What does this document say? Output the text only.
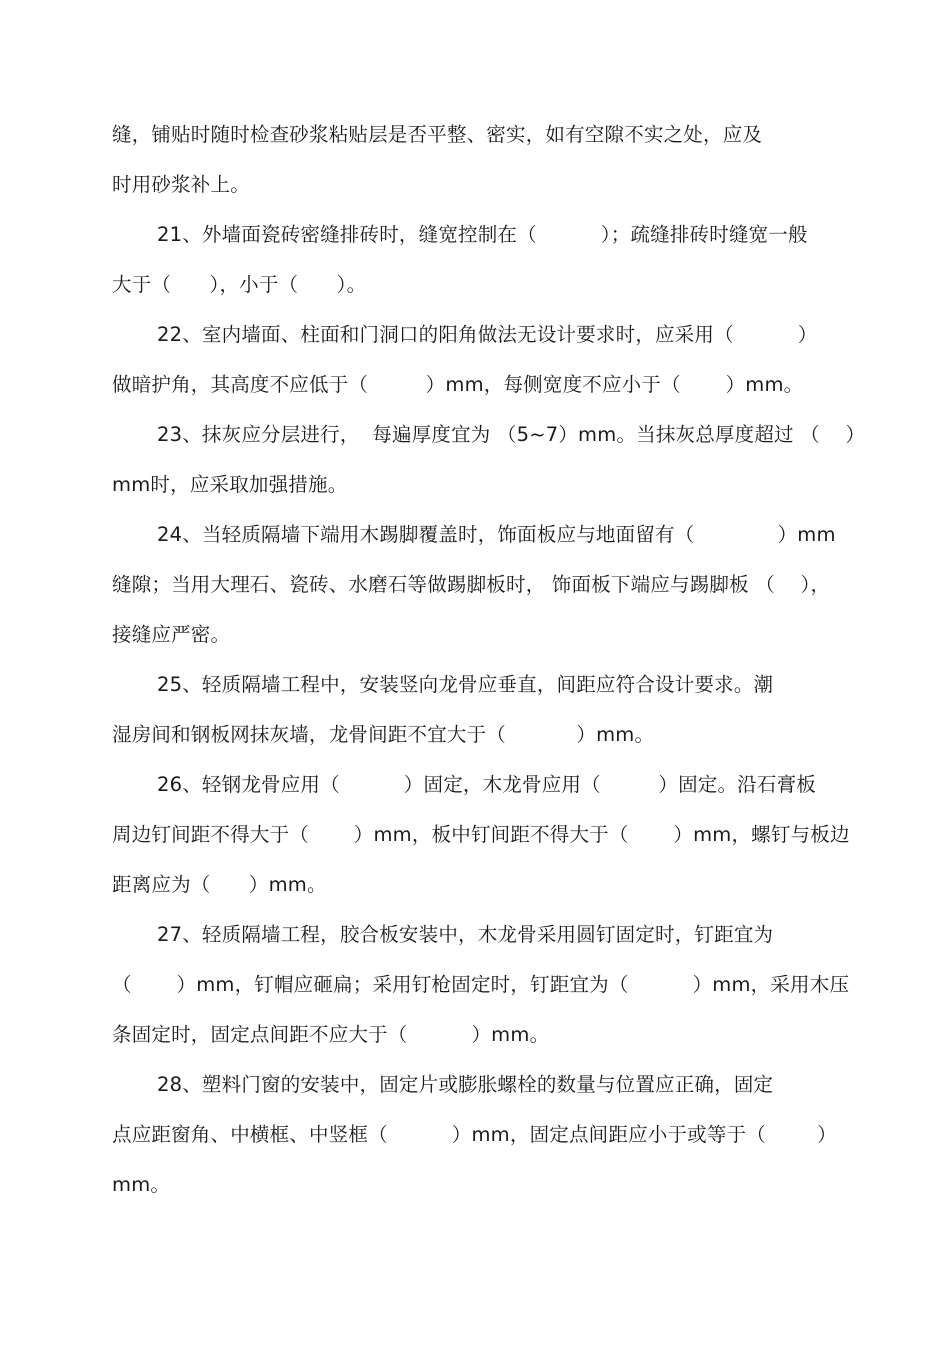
缝，铺贴时随时检查砂浆粘贴层是否平整、密实，如有空隙不实之处，应及
时用砂浆补上。
21、外墙面瓷砖密缝排砖时，缝宽控制在（          ）；疏缝排砖时缝宽一般
大于（      ），小于（      ）。
22、室内墙面、柱面和门洞口的阳角做法无设计要求时，应采用（          ）
做暗护角，其高度不应低于（         ）mm，每侧宽度不应小于（       ）mm。
23、抹灰应分层进行，  每遍厚度宜为 （5~7）mm。当抹灰总厚度超过 （    ）
mm时，应采取加强措施。
24、当轻质隔墙下端用木踢脚覆盖时，饰面板应与地面留有（             ）mm
缝隙；当用大理石、瓷砖、水磨石等做踢脚板时， 饰面板下端应与踢脚板 （    ），
接缝应严密。
25、轻质隔墙工程中，安装竖向龙骨应垂直，间距应符合设计要求。潮
湿房间和钢板网抹灰墙，龙骨间距不宜大于（           ）mm。
26、轻钢龙骨应用（          ）固定，木龙骨应用（         ）固定。沿石膏板
周边钉间距不得大于（       ）mm，板中钉间距不得大于（       ）mm，螺钉与板边
距离应为（      ）mm。
27、轻质隔墙工程，胶合板安装中，木龙骨采用圆钉固定时，钉距宜为
（       ）mm，钉帽应砸扁；采用钉枪固定时，钉距宜为（          ）mm，采用木压
条固定时，固定点间距不应大于（          ）mm。
28、塑料门窗的安装中，固定片或膨胀螺栓的数量与位置应正确，固定
点应距窗角、中横框、中竖框（          ）mm，固定点间距应小于或等于（        ）
mm。
